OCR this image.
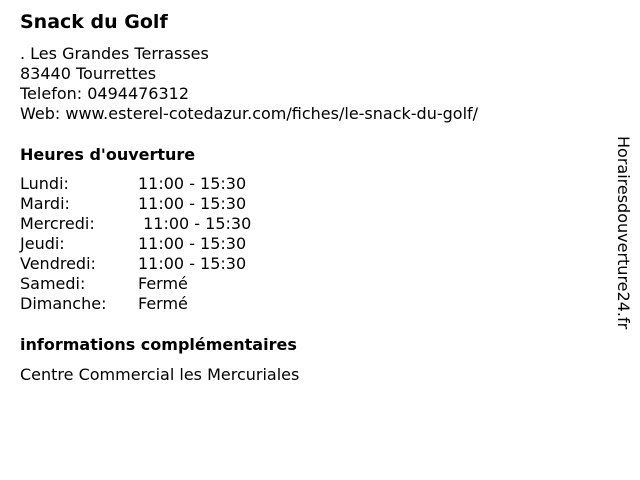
Snack du Golf
. Les Grandes Terrasses
83440 Tourrettes
Telefon: 0494476312
Web: www.esterel-cotedazur.com/fiches/le-snack-du-golf/
Heures d'ouverture
Lundi:	11:00 - 15:30
Mardi:	11:00 - 15:30
Mercredi:	11:00 - 15:30
Jeudi:	11:00 - 15:30
Vendredi:	11:00 - 15:30
Samedi:	Fermé
Dimanche:	Fermé
informations complémentaires
Centre Commercial les Mercuriales
Horairesdouverture24.fr
